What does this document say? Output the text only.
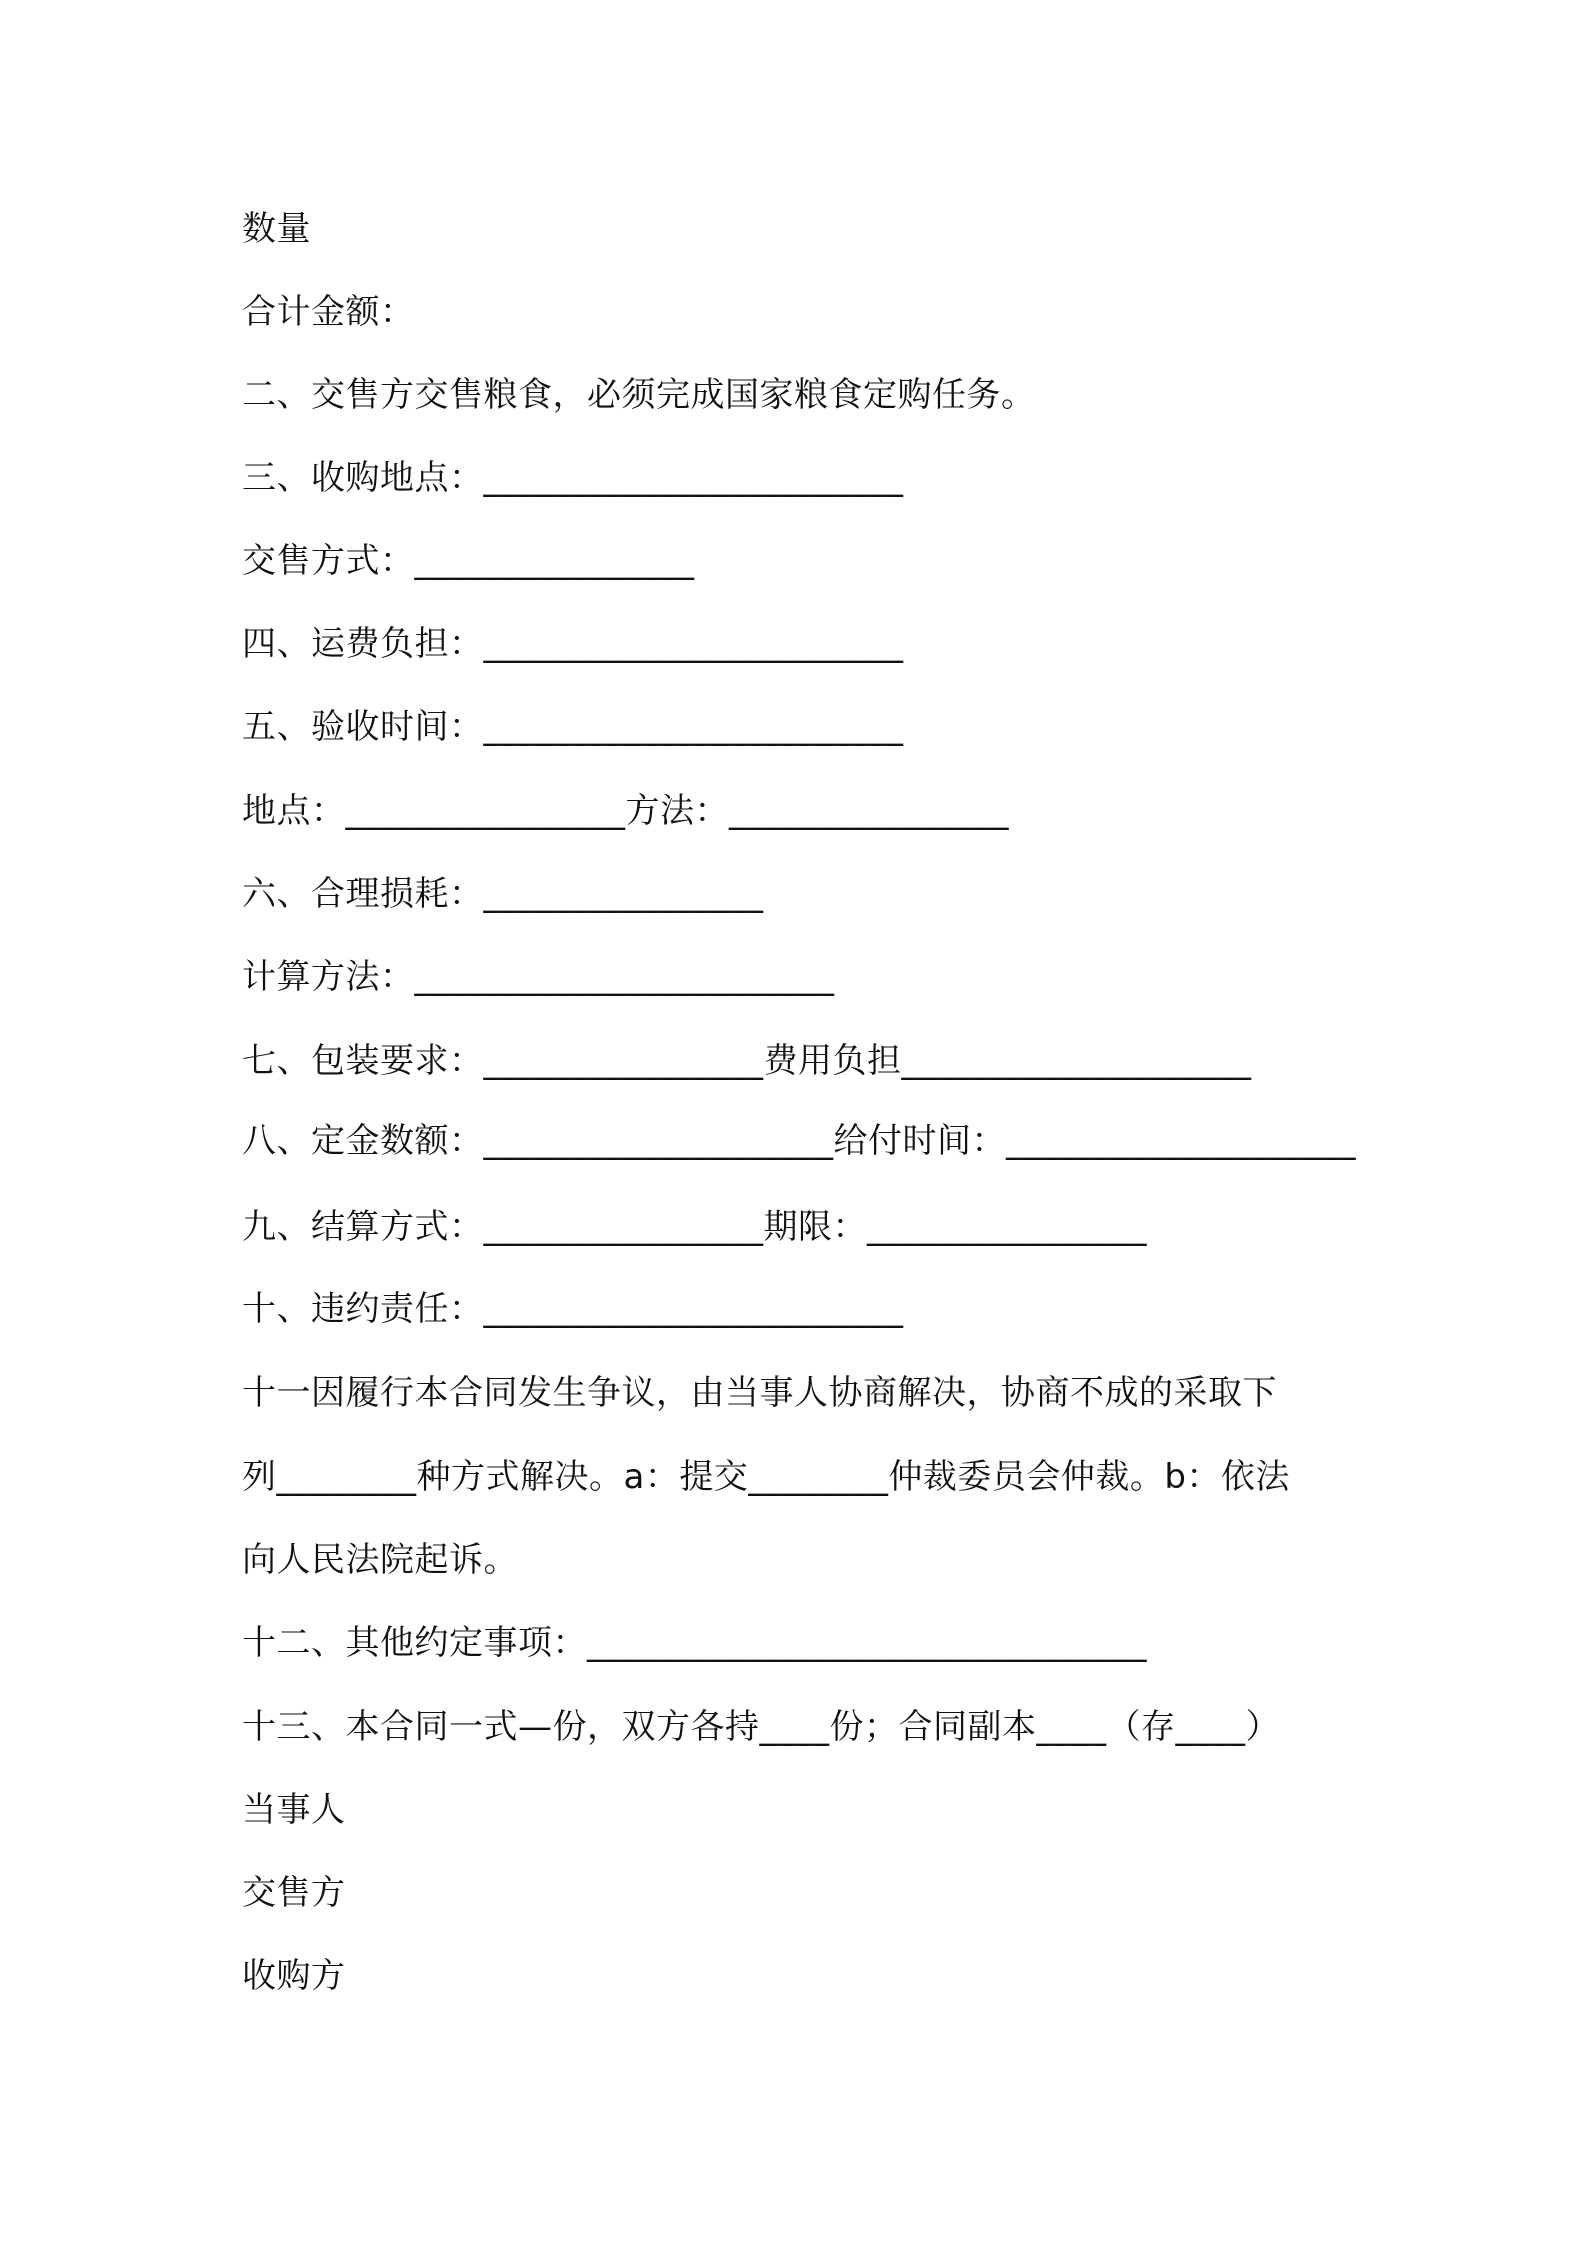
数量
合计金额：
二、交售方交售粮食，必须完成国家粮食定购任务。
三、收购地点：________________________
交售方式：________________
四、运费负担：________________________
五、验收时间：________________________
地点：________________方法：________________
六、合理损耗：________________
计算方法：________________________
七、包装要求：________________费用负担____________________
八、定金数额：____________________给付时间：____________________
九、结算方式：________________期限：________________
十、违约责任：________________________
十一因履行本合同发生争议，由当事人协商解决，协商不成的采取下
列________种方式解决。a：提交________仲裁委员会仲裁。b：依法
向人民法院起诉。
十二、其他约定事项：________________________________
十三、本合同一式—份，双方各持____份；合同副本____（存____）
当事人
交售方
收购方
